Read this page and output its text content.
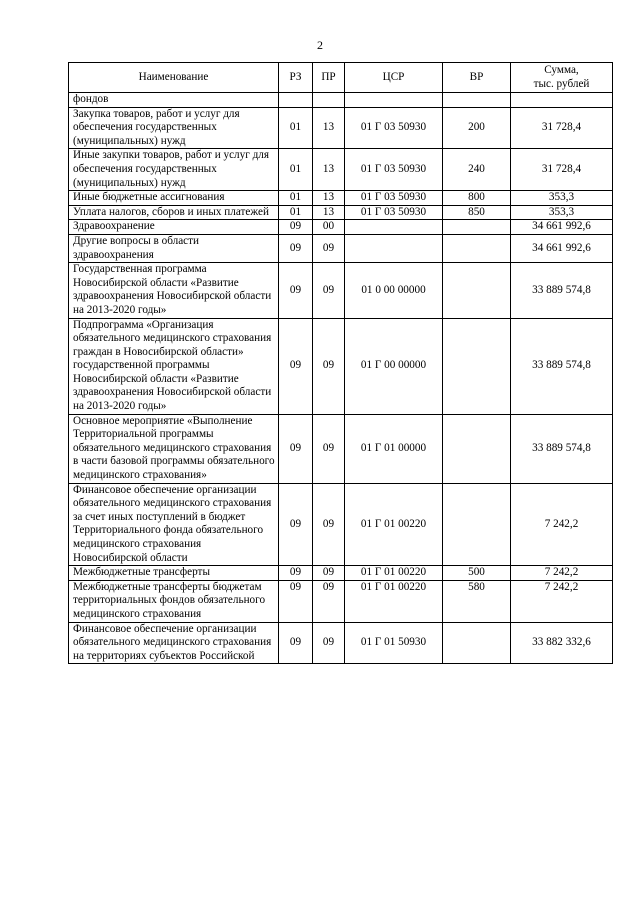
2
Наименование	РЗ	ПР	ЦСР	ВР	Сумма,
тыс. рублей

фондов					
Закупка товаров, работ и услуг для обеспечения государственных (муниципальных) нужд	01	13	01 Г 03 50930	200	31 728,4
Иные закупки товаров, работ и услуг для обеспечения государственных (муниципальных) нужд	01	13	01 Г 03 50930	240	31 728,4
Иные бюджетные ассигнования	01	13	01 Г 03 50930	800	353,3
Уплата налогов, сборов и иных платежей	01	13	01 Г 03 50930	850	353,3
Здравоохранение	09	00			34 661 992,6
Другие вопросы в области здравоохранения	09	09			34 661 992,6
Государственная программа Новосибирской области «Развитие здравоохранения Новосибирской области на 2013-2020 годы»	09	09	01 0 00 00000		33 889 574,8
Подпрограмма «Организация обязательного медицинского страхования граждан в Новосибирской области» государственной программы Новосибирской области «Развитие здравоохранения Новосибирской области на 2013-2020 годы»	09	09	01 Г 00 00000		33 889 574,8
Основное мероприятие «Выполнение Территориальной программы обязательного медицинского страхования в части базовой программы обязательного медицинского страхования»	09	09	01 Г 01 00000		33 889 574,8
Финансовое обеспечение организации обязательного медицинского страхования за счет иных поступлений в бюджет Территориального фонда обязательного медицинского страхования Новосибирской области	09	09	01 Г 01 00220		7 242,2
Межбюджетные трансферты	09	09	01 Г 01 00220	500	7 242,2
Межбюджетные трансферты бюджетам территориальных фондов обязательного медицинского страхования	09	09	01 Г 01 00220	580	7 242,2
Финансовое обеспечение организации обязательного медицинского страхования на территориях субъектов Российской	09	09	01 Г 01 50930		33 882 332,6
